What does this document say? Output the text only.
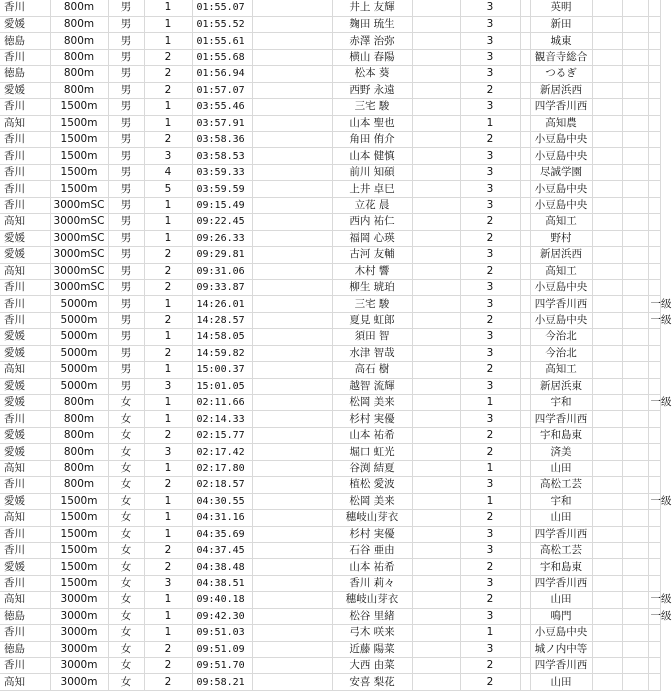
香川	800m	男	1	01:55.07		井上 友輝		3		英明			
愛媛	800m	男	1	01:55.52		麹田 琉生		3		新田			
徳島	800m	男	1	01:55.61		赤澤 治弥		3		城東			
香川	800m	男	2	01:55.68		横山 春陽		3		観音寺総合			
徳島	800m	男	2	01:56.94		松本 葵		3		つるぎ			
愛媛	800m	男	2	01:57.07		西野 永遠		2		新居浜西			
香川	1500m	男	1	03:55.46		三宅 駿		3		四学香川西			
高知	1500m	男	1	03:57.91		山本 聖也		1		高知農			
香川	1500m	男	2	03:58.36		角田 侑介		2		小豆島中央			
香川	1500m	男	3	03:58.53		山本 健慎		3		小豆島中央			
香川	1500m	男	4	03:59.33		前川 知碩		3		尽誠学園			
香川	1500m	男	5	03:59.59		上井 卓巳		3		小豆島中央			
香川	3000mSC	男	1	09:15.49		立花 晨		3		小豆島中央			
高知	3000mSC	男	1	09:22.45		西内 祐仁		2		高知工			
愛媛	3000mSC	男	1	09:26.33		福岡 心瑛		2		野村			
愛媛	3000mSC	男	2	09:29.81		古河 友輔		3		新居浜西			
高知	3000mSC	男	2	09:31.06		木村 響		2		高知工			
香川	3000mSC	男	2	09:33.87		柳生 琥珀		3		小豆島中央			
香川	5000m	男	1	14:26.01		三宅 駿		3		四学香川西			一级
香川	5000m	男	2	14:28.57		夏見 虹郎		2		小豆島中央			一级
愛媛	5000m	男	1	14:58.05		須田 智		3		今治北			
愛媛	5000m	男	2	14:59.82		水津 智哉		3		今治北			
高知	5000m	男	1	15:00.37		高石 樹		2		高知工			
愛媛	5000m	男	3	15:01.05		越智 流輝		3		新居浜東			
愛媛	800m	女	1	02:11.66		松岡 美来		1		宇和			一级
香川	800m	女	1	02:14.33		杉村 実優		3		四学香川西			
愛媛	800m	女	2	02:15.77		山本 祐希		2		宇和島東			
愛媛	800m	女	3	02:17.42		堀口 虹光		2		済美			
高知	800m	女	1	02:17.80		谷渕 結夏		1		山田			
香川	800m	女	2	02:18.57		植松 愛波		3		高松工芸			
愛媛	1500m	女	1	04:30.55		松岡 美来		1		宇和			一级
高知	1500m	女	1	04:31.16		穗岐山芽衣		2		山田			
香川	1500m	女	1	04:35.69		杉村 実優		3		四学香川西			
香川	1500m	女	2	04:37.45		石谷 亜由		3		高松工芸			
愛媛	1500m	女	2	04:38.48		山本 祐希		2		宇和島東			
香川	1500m	女	3	04:38.51		香川 莉々		3		四学香川西			
高知	3000m	女	1	09:40.18		穗岐山芽衣		2		山田			一级
徳島	3000m	女	1	09:42.30		松谷 里緒		3		鳴門			一级
香川	3000m	女	1	09:51.03		弓木 咲来		1		小豆島中央			
徳島	3000m	女	2	09:51.09		近藤 陽菜		3		城ノ内中等			
香川	3000m	女	2	09:51.70		大西 由菜		2		四学香川西			
高知	3000m	女	2	09:58.21		安喜 梨花		2		山田			
